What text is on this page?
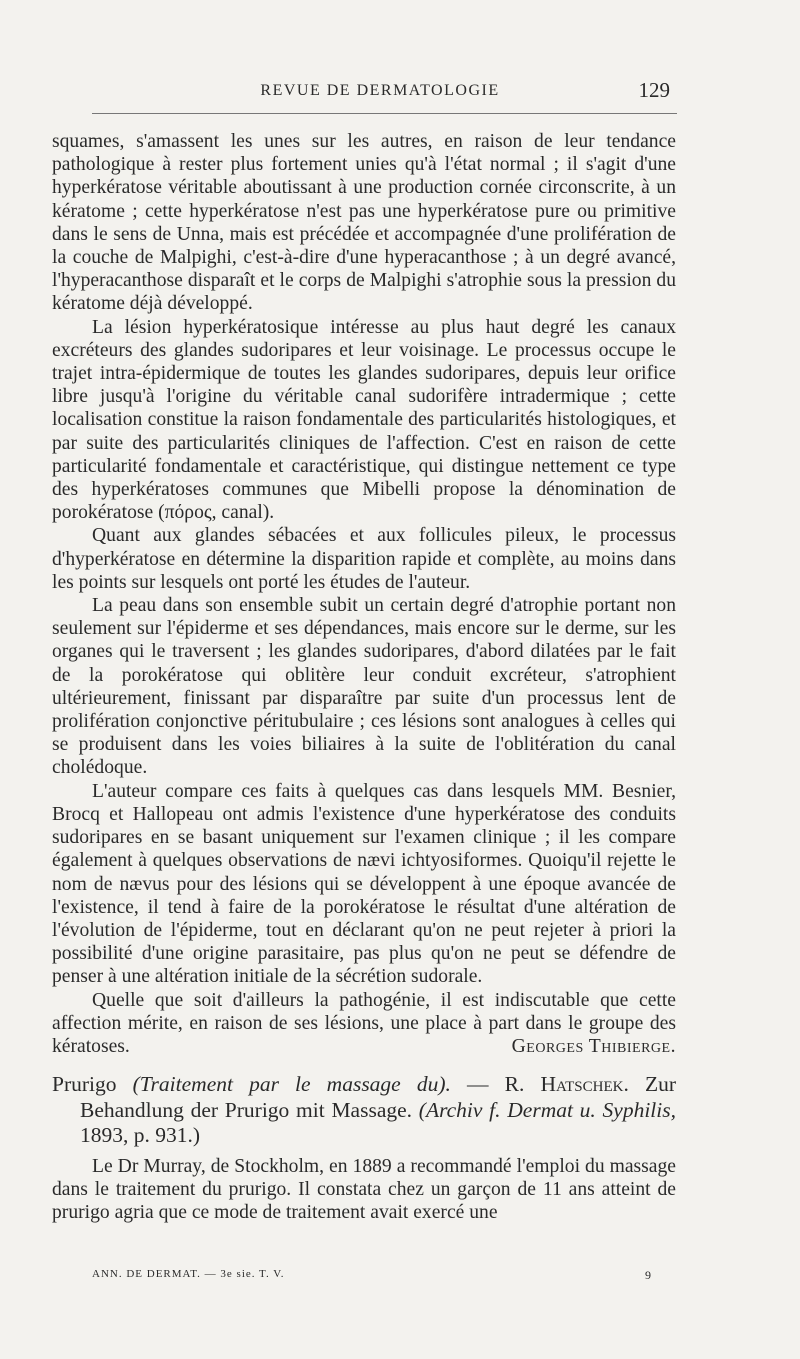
REVUE DE DERMATOLOGIE	129

squames, s'amassent les unes sur les autres, en raison de leur tendance pathologique à rester plus fortement unies qu'à l'état normal ; il s'agit d'une hyperkératose véritable aboutissant à une production cornée circonscrite, à un kératome ; cette hyperkératose n'est pas une hyperkératose pure ou primitive dans le sens de Unna, mais est précédée et accompagnée d'une prolifération de la couche de Malpighi, c'est-à-dire d'une hyperacanthose ; à un degré avancé, l'hyperacanthose disparaît et le corps de Malpighi s'atrophie sous la pression du kératome déjà développé.

La lésion hyperkératosique intéresse au plus haut degré les canaux excréteurs des glandes sudoripares et leur voisinage. Le processus occupe le trajet intra-épidermique de toutes les glandes sudoripares, depuis leur orifice libre jusqu'à l'origine du véritable canal sudorifère intradermique ; cette localisation constitue la raison fondamentale des particularités histologiques, et par suite des particularités cliniques de l'affection. C'est en raison de cette particularité fondamentale et caractéristique, qui distingue nettement ce type des hyperkératoses communes que Mibelli propose la dénomination de porokératose (πόρος, canal).

Quant aux glandes sébacées et aux follicules pileux, le processus d'hyperkératose en détermine la disparition rapide et complète, au moins dans les points sur lesquels ont porté les études de l'auteur.

La peau dans son ensemble subit un certain degré d'atrophie portant non seulement sur l'épiderme et ses dépendances, mais encore sur le derme, sur les organes qui le traversent ; les glandes sudoripares, d'abord dilatées par le fait de la porokératose qui oblitère leur conduit excréteur, s'atrophient ultérieurement, finissant par disparaître par suite d'un processus lent de prolifération conjonctive péritubulaire ; ces lésions sont analogues à celles qui se produisent dans les voies biliaires à la suite de l'oblitération du canal cholédoque.

L'auteur compare ces faits à quelques cas dans lesquels MM. Besnier, Brocq et Hallopeau ont admis l'existence d'une hyperkératose des conduits sudoripares en se basant uniquement sur l'examen clinique ; il les compare également à quelques observations de nævi ichtyosiformes. Quoiqu'il rejette le nom de nævus pour des lésions qui se développent à une époque avancée de l'existence, il tend à faire de la porokératose le résultat d'une altération de l'évolution de l'épiderme, tout en déclarant qu'on ne peut rejeter à priori la possibilité d'une origine parasitaire, pas plus qu'on ne peut se défendre de penser à une altération initiale de la sécrétion sudorale.

Quelle que soit d'ailleurs la pathogénie, il est indiscutable que cette affection mérite, en raison de ses lésions, une place à part dans le groupe des kératoses.	Georges Thibierge.

Prurigo (Traitement par le massage du). — R. Hatschek. Zur Behandlung der Prurigo mit Massage. (Archiv f. Dermat u. Syphilis, 1893, p. 931.)

Le Dr Murray, de Stockholm, en 1889 a recommandé l'emploi du massage dans le traitement du prurigo. Il constata chez un garçon de 11 ans atteint de prurigo agria que ce mode de traitement avait exercé une

ANN. DE DERMAT. — 3e sie. T. V.	9
